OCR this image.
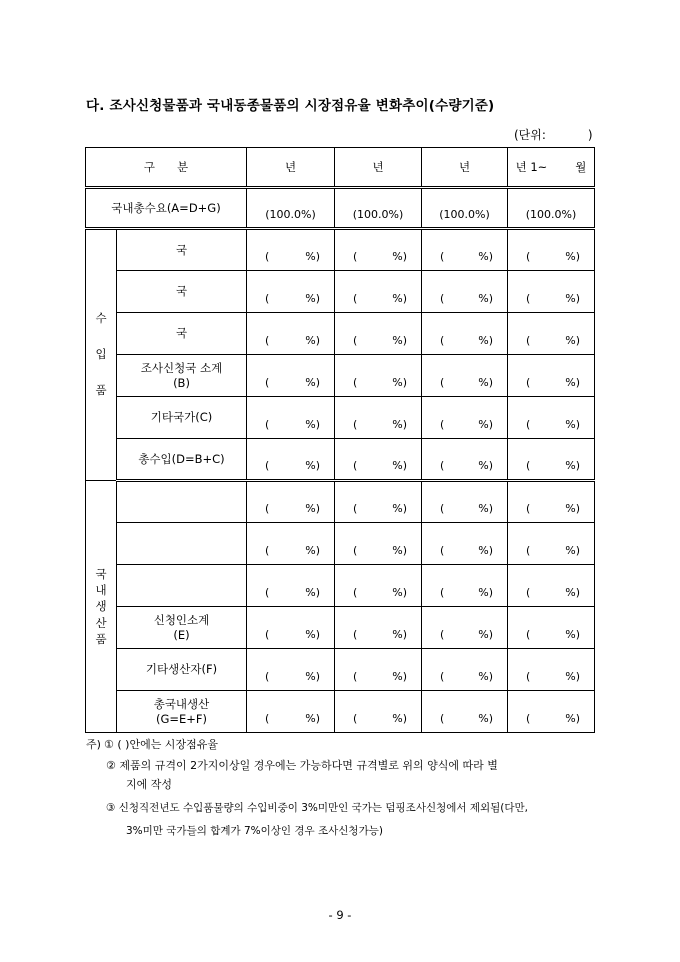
다. 조사신청물품과 국내동종물품의 시장점유율 변화추이(수량기준)
(단위:	)
구      분		년	년	년	년 1~ 월
국내총수요(A=D+G)		(100.0%)	(100.0%)	(100.0%)	(100.0%)

수

입

품	국	( %)	( %)	( %)	( %)

	국	( %)	( %)	( %)	( %)

	국	( %)	( %)	( %)	( %)

	조사신청국 소계
(B)	( %)	( %)	( %)	( %)

	기타국가(C)	( %)	( %)	( %)	( %)

	총수입(D=B+C)	( %)	( %)	( %)	( %)

국
내
생
산
품		( %)	( %)	( %)	( %)

		( %)	( %)	( %)	( %)

		( %)	( %)	( %)	( %)

	신청인소계
(E)	( %)	( %)	( %)	( %)

	기타생산자(F)	( %)	( %)	( %)	( %)

	총국내생산
(G=E+F)	( %)	( %)	( %)	( %)
주) ① ( )안에는 시장점유율
② 제품의 규격이 2가지이상일 경우에는 가능하다면 규격별로 위의 양식에 따라 별
지에 작성
③ 신청직전년도 수입품물량의 수입비중이 3%미만인 국가는 덤핑조사신청에서 제외됨(다만,
3%미만 국가들의 합계가 7%이상인 경우 조사신청가능)
- 9 -
